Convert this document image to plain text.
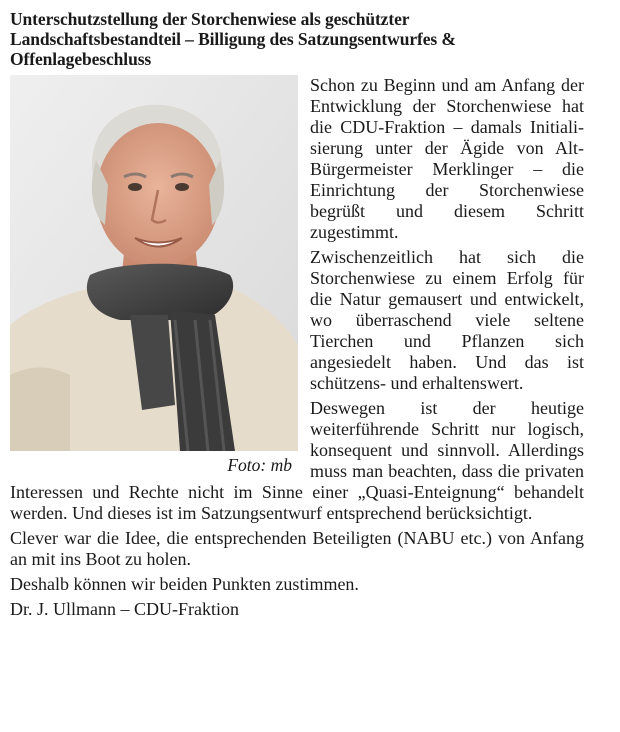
Unterschutzstellung der Storchenwiese als geschützter Landschaftsbestandteil – Billigung des Satzungsentwurfes & Offenlagebeschluss
Foto: mb

Schon zu Beginn und am Anfang der Entwicklung der Storchenwiese hat die CDU-Fraktion – damals Initialisierung unter der Ägide von Alt-Bürgermeister Merklinger – die Einrichtung der Storchenwiese begrüßt und diesem Schritt zugestimmt.

Zwischenzeitlich hat sich die Storchenwiese zu einem Erfolg für die Natur gemausert und entwickelt, wo überraschend viele seltene Tierchen und Pflanzen sich angesiedelt haben. Und das ist schützens- und erhaltenswert.

Deswegen ist der heutige weiterführende Schritt nur logisch, konsequent und sinnvoll. Allerdings muss man beachten, dass die privaten Interessen und Rechte nicht im Sinne einer „Quasi-Enteignung“ behandelt werden. Und dieses ist im Satzungsentwurf entsprechend berücksichtigt.

Clever war die Idee, die entsprechenden Beteiligten (NABU etc.) von Anfang an mit ins Boot zu holen.

Deshalb können wir beiden Punkten zustimmen.

Dr. J. Ullmann – CDU-Fraktion
